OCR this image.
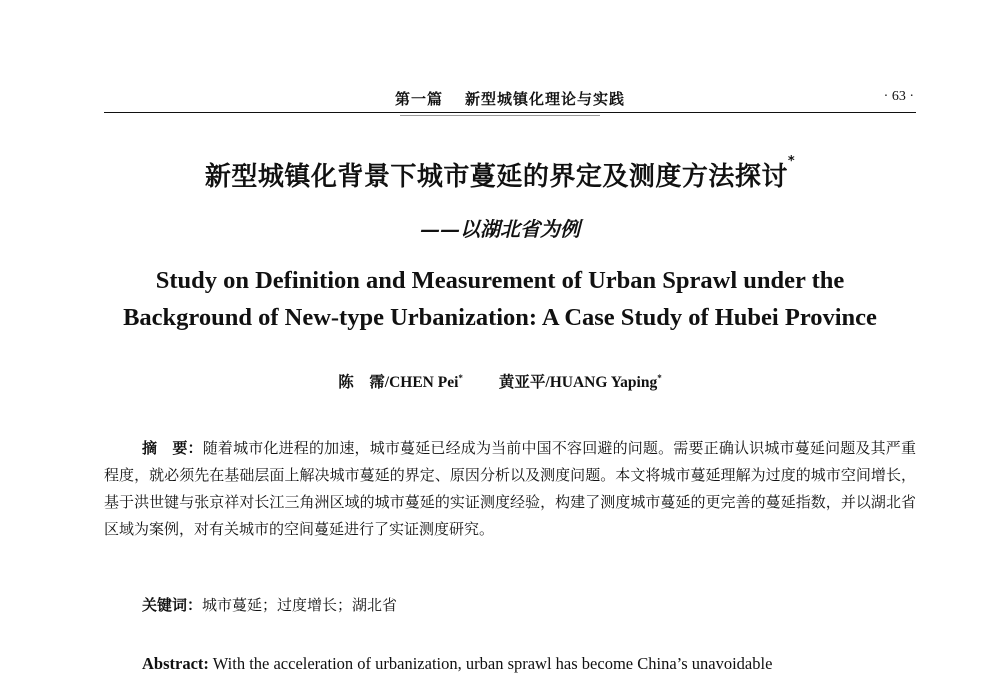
第一篇 新型城镇化理论与实践	· 63 ·
新型城镇化背景下城市蔓延的界定及测度方法探讨*
——以湖北省为例
Study on Definition and Measurement of Urban Sprawl under the
Background of New-type Urbanization: A Case Study of Hubei Province
陈　霈/CHEN Pei* 黄亚平/HUANG Yaping*
摘　要：随着城市化进程的加速，城市蔓延已经成为当前中国不容回避的问题。需要正确认识城市蔓延问题及其严重程度，就必须先在基础层面上解决城市蔓延的界定、原因分析以及测度问题。本文将城市蔓延理解为过度的城市空间增长，基于洪世键与张京祥对长江三角洲区域的城市蔓延的实证测度经验，构建了测度城市蔓延的更完善的蔓延指数，并以湖北省区域为案例，对有关城市的空间蔓延进行了实证测度研究。
关键词：城市蔓延；过度增长；湖北省
Abstract: With the acceleration of urbanization, urban sprawl has become China’s unavoidable
